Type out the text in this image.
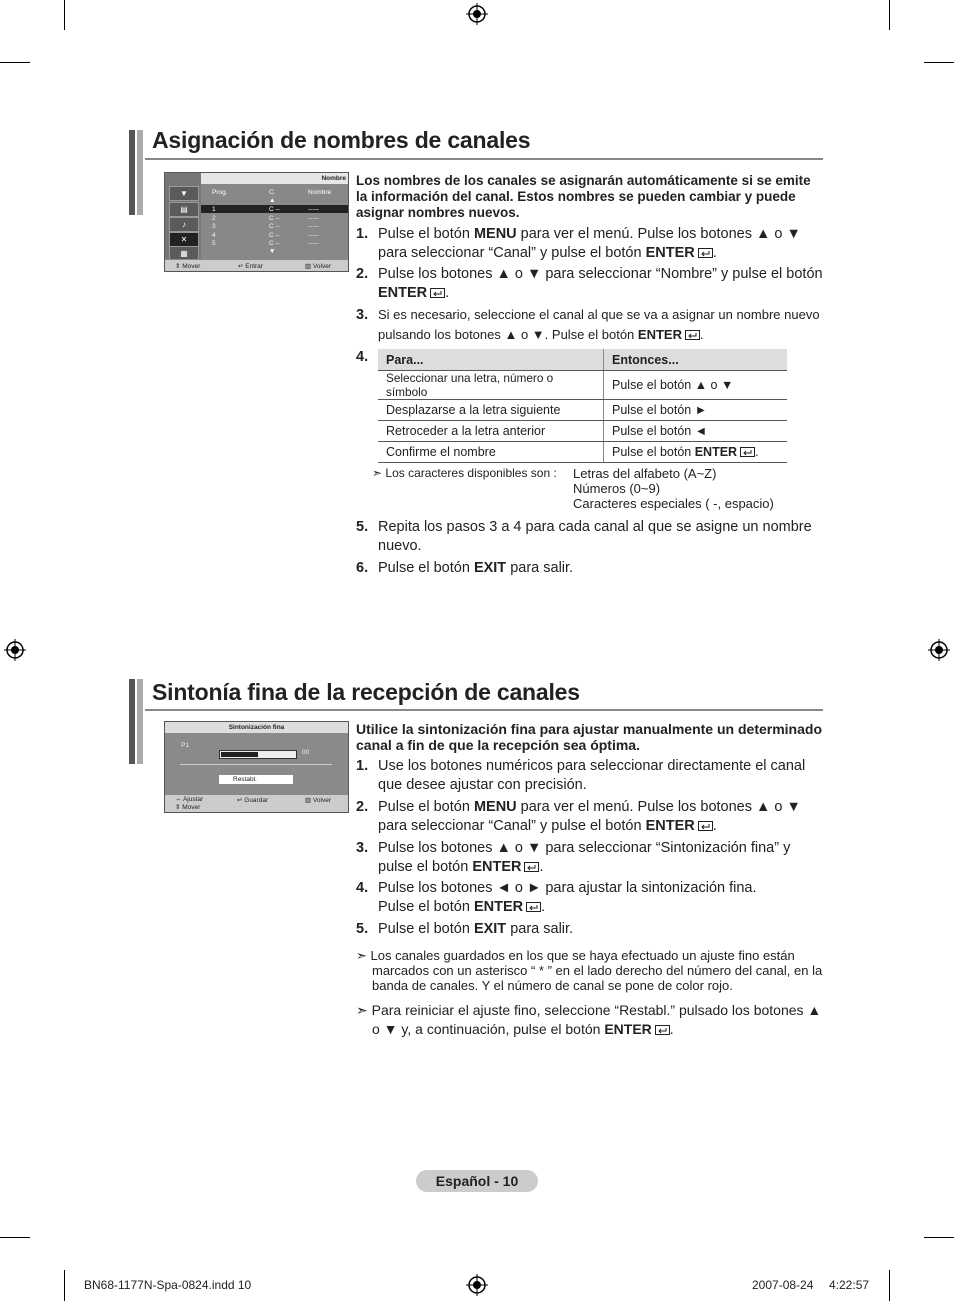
Asignación de nombres de canales
▼
▤
♪
✕
▦
Nombre
Prog.	C.	Nombre
▲
1	C --	-----
2	C --	-----
3	C --	-----
4	C --	-----
5	C --	-----
▼
⇕ Mover	↵ Entrar	▥ Volver
Los nombres de los canales se asignarán automáticamente si se emite la información del canal. Estos nombres se pueden cambiar y puede asignar nombres nuevos.
1. Pulse el botón MENU para ver el menú. Pulse los botones ▲ o ▼ para seleccionar “Canal” y pulse el botón ENTER .
2. Pulse los botones ▲ o ▼ para seleccionar “Nombre” y pulse el botón ENTER .
3. Si es necesario, seleccione el canal al que se va a asignar un nombre nuevo pulsando los botones ▲ o ▼. Pulse el botón ENTER .
4. Para...	Entonces...
Seleccionar una letra, número o símbolo	Pulse el botón ▲ o ▼
Desplazarse a la letra siguiente	Pulse el botón ►
Retroceder a la letra anterior	Pulse el botón ◄
Confirme el nombre	Pulse el botón ENTER .
➣ Los caracteres disponibles son : Letras del alfabeto (A~Z)
Números (0~9)
Caracteres especiales ( -, espacio)
5. Repita los pasos 3 a 4 para cada canal al que se asigne un nombre nuevo.
6. Pulse el botón EXIT para salir.
Sintonía fina de la recepción de canales
Sintonización fina
P1
00
Restabl.
⇔ Ajustar
⇕ Mover
↵ Guardar	▥ Volver
Utilice la sintonización fina para ajustar manualmente un determinado canal a fin de que la recepción sea óptima.
1. Use los botones numéricos para seleccionar directamente el canal que desee ajustar con precisión.
2. Pulse el botón MENU para ver el menú. Pulse los botones ▲ o ▼ para seleccionar “Canal” y pulse el botón ENTER .
3. Pulse los botones ▲ o ▼ para seleccionar “Sintonización fina” y pulse el botón ENTER .
4. Pulse los botones ◄ o ► para ajustar la sintonización fina.
Pulse el botón ENTER .
5. Pulse el botón EXIT para salir.
➣ Los canales guardados en los que se haya efectuado un ajuste fino están marcados con un asterisco “ * ” en el lado derecho del número del canal, en la banda de canales. Y el número de canal se pone de color rojo.
➣ Para reiniciar el ajuste fino, seleccione “Restabl.” pulsado los botones ▲ o ▼ y, a continuación, pulse el botón ENTER .
Español - 10
BN68-1177N-Spa-0824.indd 10	2007-08-24 4:22:57
